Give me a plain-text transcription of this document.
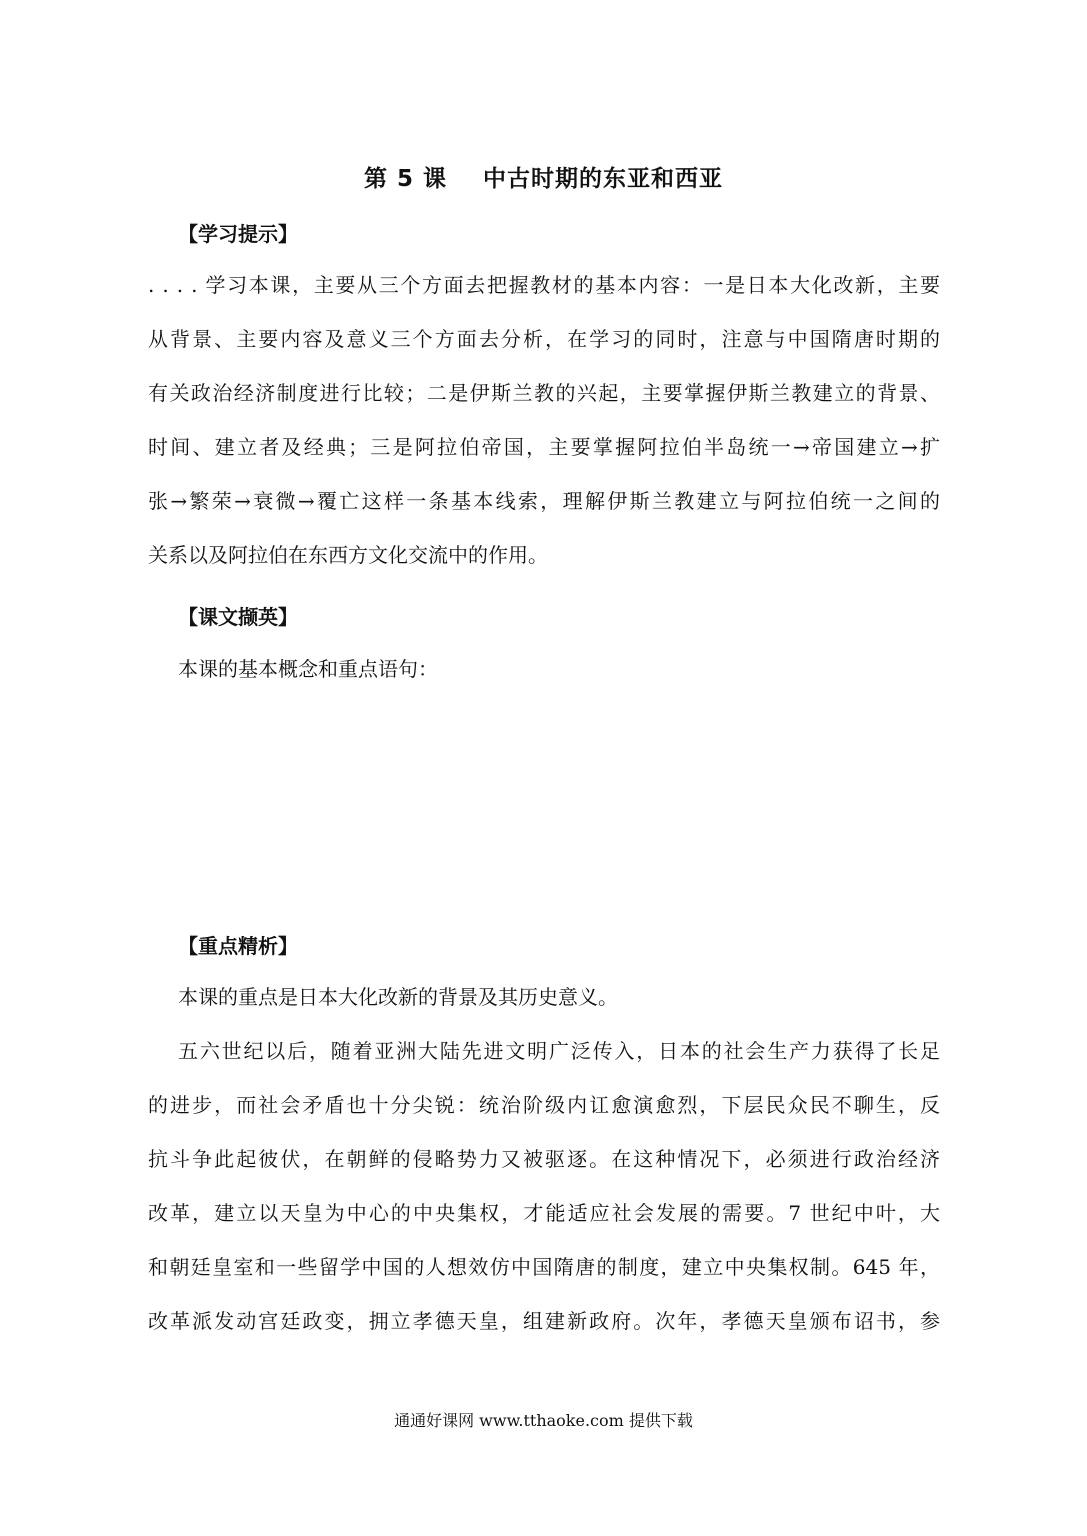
第 5 课    中古时期的东亚和西亚
【学习提示】
. . . . 学习本课，主要从三个方面去把握教材的基本内容：一是日本大化改新，主要
从背景、主要内容及意义三个方面去分析，在学习的同时，注意与中国隋唐时期的
有关政治经济制度进行比较；二是伊斯兰教的兴起，主要掌握伊斯兰教建立的背景、
时间、建立者及经典；三是阿拉伯帝国，主要掌握阿拉伯半岛统一→帝国建立→扩
张→繁荣→衰微→覆亡这样一条基本线索，理解伊斯兰教建立与阿拉伯统一之间的
关系以及阿拉伯在东西方文化交流中的作用。
【课文撷英】
本课的基本概念和重点语句：
【重点精析】
本课的重点是日本大化改新的背景及其历史意义。
五六世纪以后，随着亚洲大陆先进文明广泛传入，日本的社会生产力获得了长足
的进步，而社会矛盾也十分尖锐：统治阶级内讧愈演愈烈，下层民众民不聊生，反
抗斗争此起彼伏，在朝鲜的侵略势力又被驱逐。在这种情况下，必须进行政治经济
改革，建立以天皇为中心的中央集权，才能适应社会发展的需要。7 世纪中叶，大
和朝廷皇室和一些留学中国的人想效仿中国隋唐的制度，建立中央集权制。645 年，
改革派发动宫廷政变，拥立孝德天皇，组建新政府。次年，孝德天皇颁布诏书，参
通通好课网 www.tthaoke.com 提供下载
